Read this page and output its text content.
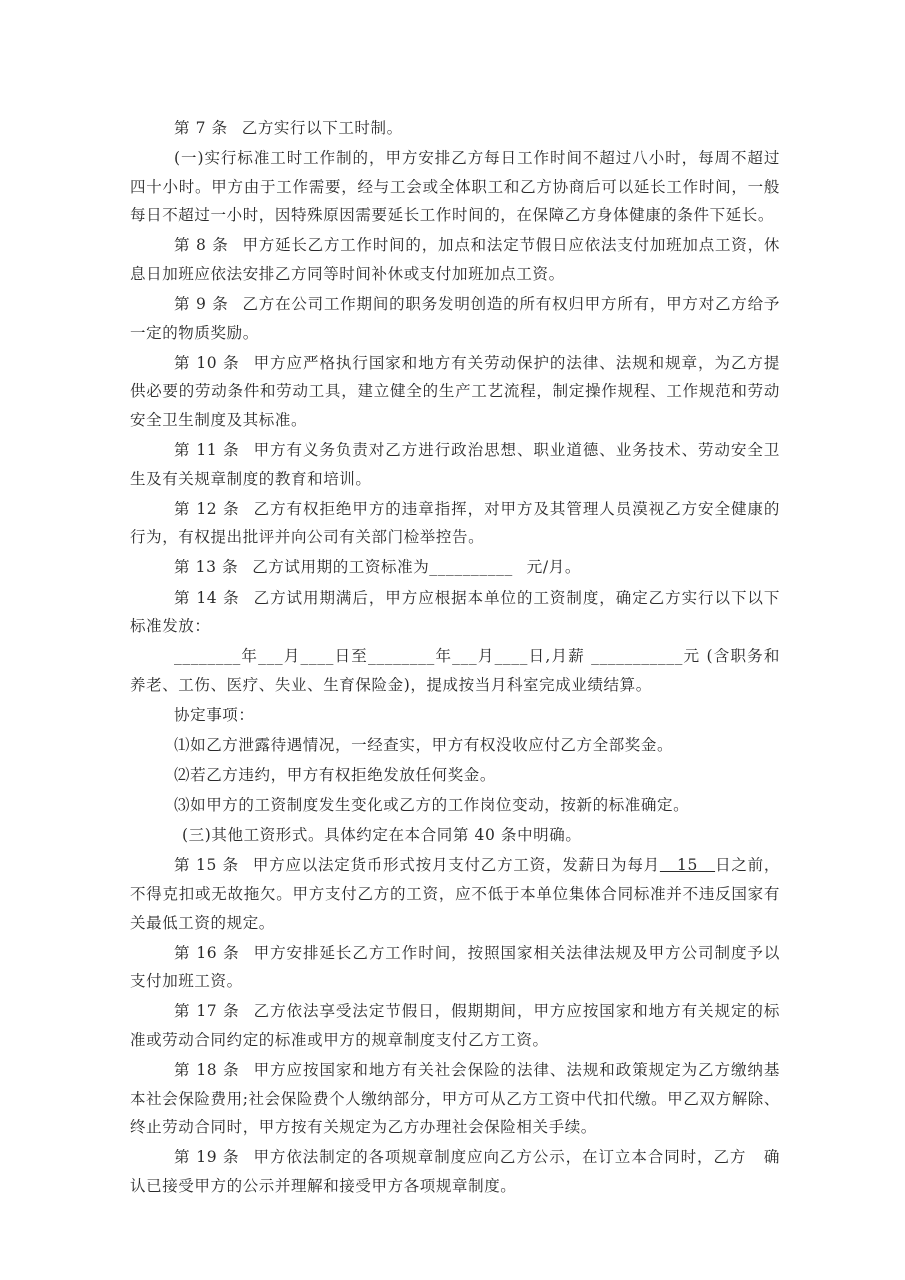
第 7 条 乙方实行以下工时制。

(一)实行标准工时工作制的，甲方安排乙方每日工作时间不超过八小时，每周不超过四十小时。甲方由于工作需要，经与工会或全体职工和乙方协商后可以延长工作时间，一般每日不超过一小时，因特殊原因需要延长工作时间的，在保障乙方身体健康的条件下延长。

第 8 条 甲方延长乙方工作时间的，加点和法定节假日应依法支付加班加点工资，休息日加班应依法安排乙方同等时间补休或支付加班加点工资。

第 9 条 乙方在公司工作期间的职务发明创造的所有权归甲方所有，甲方对乙方给予一定的物质奖励。

第 10 条 甲方应严格执行国家和地方有关劳动保护的法律、法规和规章，为乙方提供必要的劳动条件和劳动工具，建立健全的生产工艺流程，制定操作规程、工作规范和劳动安全卫生制度及其标准。

第 11 条 甲方有义务负责对乙方进行政治思想、职业道德、业务技术、劳动安全卫生及有关规章制度的教育和培训。

第 12 条 乙方有权拒绝甲方的违章指挥，对甲方及其管理人员漠视乙方安全健康的行为，有权提出批评并向公司有关部门检举控告。

第 13 条 乙方试用期的工资标准为__________ 元/月。

第 14 条 乙方试用期满后，甲方应根据本单位的工资制度，确定乙方实行以下以下标准发放：

________年___月____日至________年___月____日,月薪 ___________元 (含职务和养老、工伤、医疗、失业、生育保险金)，提成按当月科室完成业绩结算。

协定事项：

⑴如乙方泄露待遇情况，一经查实，甲方有权没收应付乙方全部奖金。

⑵若乙方违约，甲方有权拒绝发放任何奖金。

⑶如甲方的工资制度发生变化或乙方的工作岗位变动，按新的标准确定。

(三)其他工资形式。具体约定在本合同第 40 条中明确。

第 15 条 甲方应以法定货币形式按月支付乙方工资，发薪日为每月   15   日之前，不得克扣或无故拖欠。甲方支付乙方的工资，应不低于本单位集体合同标准并不违反国家有关最低工资的规定。

第 16 条 甲方安排延长乙方工作时间，按照国家相关法律法规及甲方公司制度予以支付加班工资。

第 17 条 乙方依法享受法定节假日，假期期间，甲方应按国家和地方有关规定的标准或劳动合同约定的标准或甲方的规章制度支付乙方工资。

第 18 条 甲方应按国家和地方有关社会保险的法律、法规和政策规定为乙方缴纳基本社会保险费用;社会保险费个人缴纳部分，甲方可从乙方工资中代扣代缴。甲乙双方解除、终止劳动合同时，甲方按有关规定为乙方办理社会保险相关手续。

第 19 条 甲方依法制定的各项规章制度应向乙方公示，在订立本合同时，乙方   确认已接受甲方的公示并理解和接受甲方各项规章制度。
